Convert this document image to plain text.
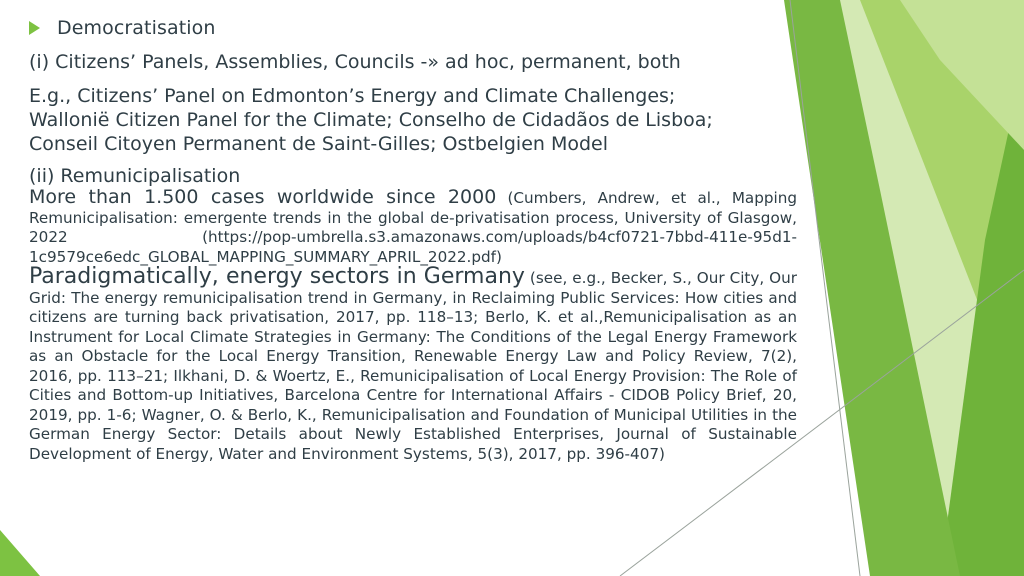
Democratisation

(i) Citizens’ Panels, Assemblies, Councils -» ad hoc, permanent, both

E.g., Citizens’ Panel on Edmonton’s Energy and Climate Challenges;

Walloniё Citizen Panel for the Climate; Conselho de Cidadãos de Lisboa;

Conseil Citoyen Permanent de Saint-Gilles; Ostbelgien Model

(ii) Remunicipalisation

More than 1.500 cases worldwide since 2000 (Cumbers, Andrew, et al., Mapping Remunicipalisation: emergente trends in the global de-privatisation process, University of Glasgow, 2022 (https://pop-umbrella.s3.amazonaws.com/uploads/b4cf0721-7bbd-411e-95d1-1c9579ce6edc_GLOBAL_MAPPING_SUMMARY_APRIL_2022.pdf)

Paradigmatically, energy sectors in Germany (see, e.g., Becker, S., Our City, Our Grid: The energy remunicipalisation trend in Germany, in Reclaiming Public Services: How cities and citizens are turning back privatisation, 2017, pp. 118–13; Berlo, K. et al.,Remunicipalisation as an Instrument for Local Climate Strategies in Germany: The Conditions of the Legal Energy Framework as an Obstacle for the Local Energy Transition, Renewable Energy Law and Policy Review, 7(2), 2016, pp. 113–21; Ilkhani, D. & Woertz, E., Remunicipalisation of Local Energy Provision: The Role of Cities and Bottom-up Initiatives, Barcelona Centre for International Affairs - CIDOB Policy Brief, 20, 2019, pp. 1-6; Wagner, O. & Berlo, K., Remunicipalisation and Foundation of Municipal Utilities in the German Energy Sector: Details about Newly Established Enterprises, Journal of Sustainable Development of Energy, Water and Environment Systems, 5(3), 2017, pp. 396-407)
